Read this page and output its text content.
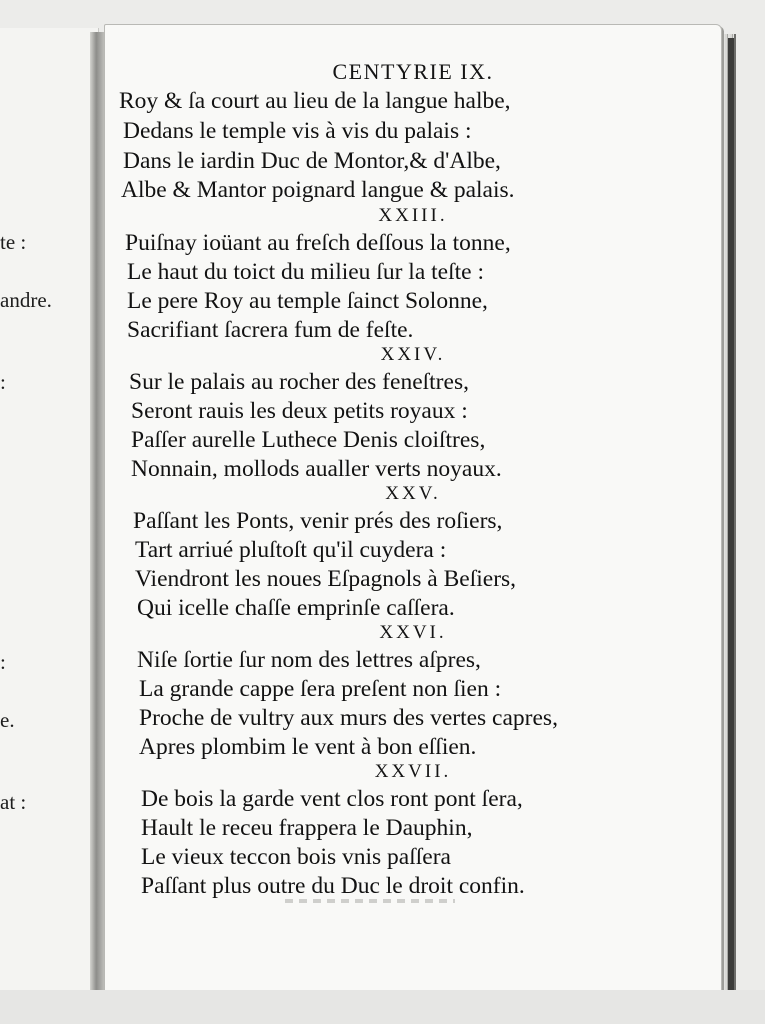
te :
andre.
:
:
e.
at :
CENTYRIE IX.
Roy & ſa court au lieu de la langue halbe,
Dedans le temple vis à vis du palais :
Dans le iardin Duc de Montor,& d'Albe,
Albe & Mantor poignard langue & palais.
XXIII.
Puiſnay ioüant au freſch deſſous la tonne,
Le haut du toict du milieu ſur la teſte :
Le pere Roy au temple ſainct Solonne,
Sacrifiant ſacrera fum de feſte.
XXIV.
Sur le palais au rocher des feneſtres,
Seront rauis les deux petits royaux :
Paſſer aurelle Luthece Denis cloiſtres,
Nonnain, mollods aualler verts noyaux.
XXV.
Paſſant les Ponts, venir prés des roſiers,
Tart arriué pluſtoſt qu'il cuydera :
Viendront les noues Eſpagnols à Beſiers,
Qui icelle chaſſe emprinſe caſſera.
XXVI.
Niſe ſortie ſur nom des lettres aſpres,
La grande cappe ſera preſent non ſien :
Proche de vultry aux murs des vertes capres,
Apres plombim le vent à bon eſſien.
XXVII.
De bois la garde vent clos ront pont ſera,
Hault le receu frappera le Dauphin,
Le vieux teccon bois vnis paſſera
Paſſant plus outre du Duc le droit confin.
